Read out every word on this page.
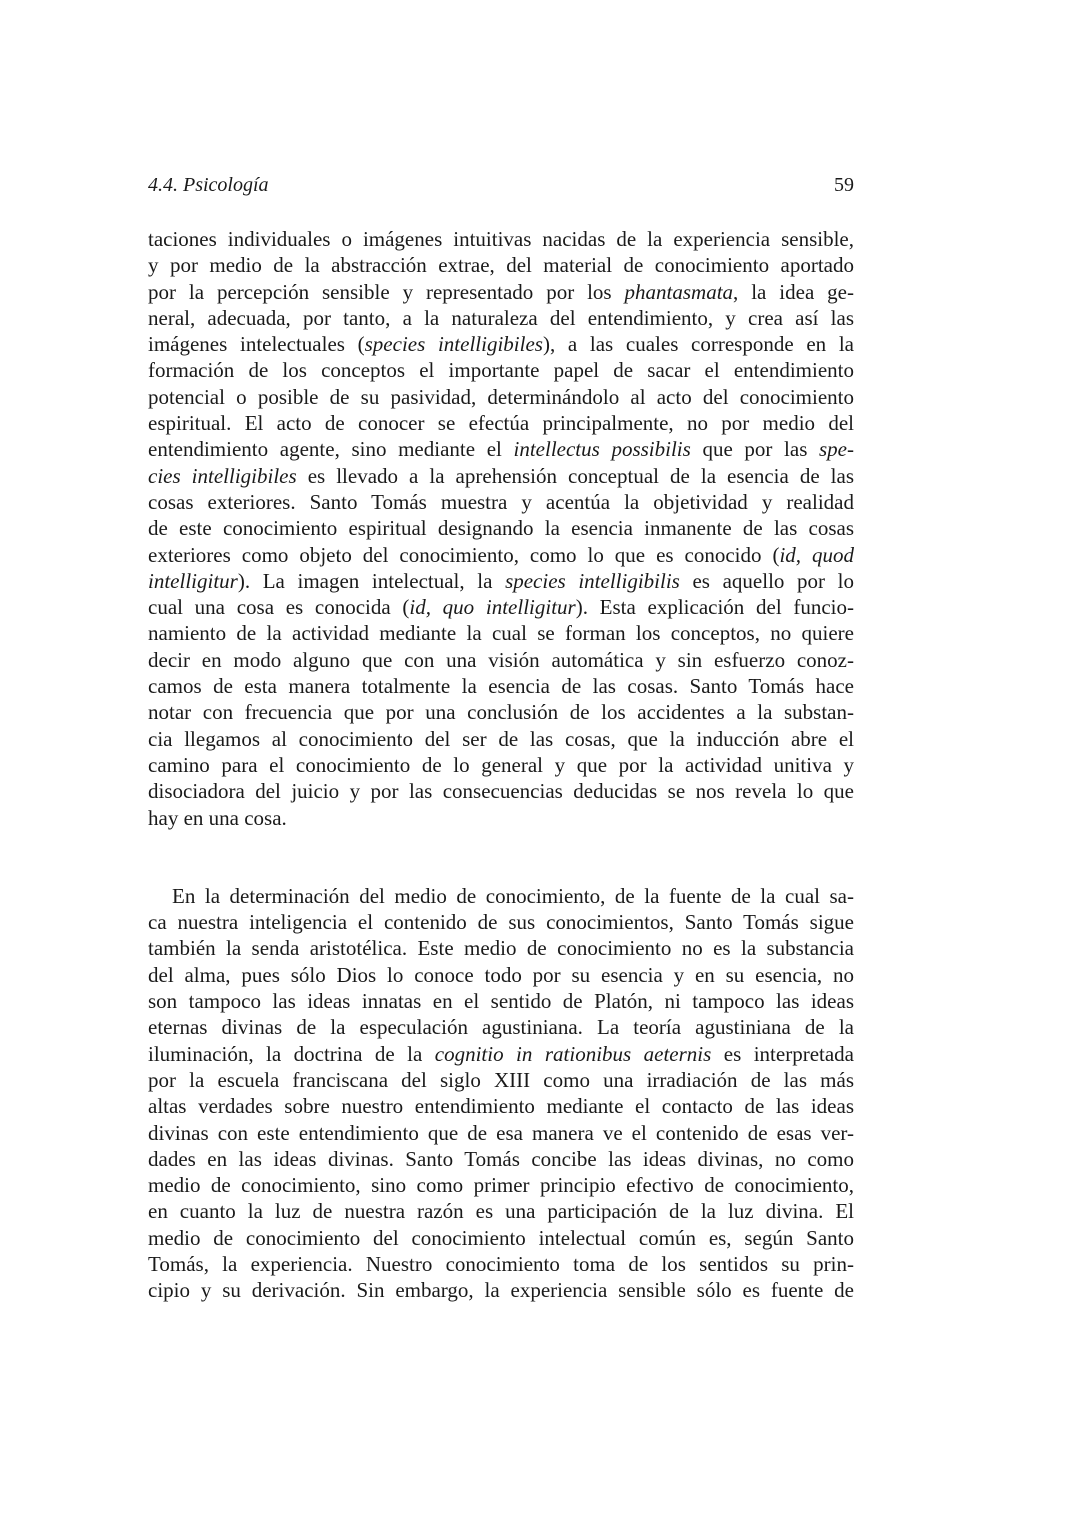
4.4. Psicología	59

taciones individuales o imágenes intuitivas nacidas de la experiencia sensible,
y por medio de la abstracción extrae, del material de conocimiento aportado
por la percepción sensible y representado por los phantasmata, la idea ge-
neral, adecuada, por tanto, a la naturaleza del entendimiento, y crea así las
imágenes intelectuales (species intelligibiles), a las cuales corresponde en la
formación de los conceptos el importante papel de sacar el entendimiento
potencial o posible de su pasividad, determinándolo al acto del conocimiento
espiritual. El acto de conocer se efectúa principalmente, no por medio del
entendimiento agente, sino mediante el intellectus possibilis que por las spe-
cies intelligibiles es llevado a la aprehensión conceptual de la esencia de las
cosas exteriores. Santo Tomás muestra y acentúa la objetividad y realidad
de este conocimiento espiritual designando la esencia inmanente de las cosas
exteriores como objeto del conocimiento, como lo que es conocido (id, quod
intelligitur). La imagen intelectual, la species intelligibilis es aquello por lo
cual una cosa es conocida (id, quo intelligitur). Esta explicación del funcio-
namiento de la actividad mediante la cual se forman los conceptos, no quiere
decir en modo alguno que con una visión automática y sin esfuerzo conoz-
camos de esta manera totalmente la esencia de las cosas. Santo Tomás hace
notar con frecuencia que por una conclusión de los accidentes a la substan-
cia llegamos al conocimiento del ser de las cosas, que la inducción abre el
camino para el conocimiento de lo general y que por la actividad unitiva y
disociadora del juicio y por las consecuencias deducidas se nos revela lo que
hay en una cosa.

En la determinación del medio de conocimiento, de la fuente de la cual sa-
ca nuestra inteligencia el contenido de sus conocimientos, Santo Tomás sigue
también la senda aristotélica. Este medio de conocimiento no es la substancia
del alma, pues sólo Dios lo conoce todo por su esencia y en su esencia, no
son tampoco las ideas innatas en el sentido de Platón, ni tampoco las ideas
eternas divinas de la especulación agustiniana. La teoría agustiniana de la
iluminación, la doctrina de la cognitio in rationibus aeternis es interpretada
por la escuela franciscana del siglo XIII como una irradiación de las más
altas verdades sobre nuestro entendimiento mediante el contacto de las ideas
divinas con este entendimiento que de esa manera ve el contenido de esas ver-
dades en las ideas divinas. Santo Tomás concibe las ideas divinas, no como
medio de conocimiento, sino como primer principio efectivo de conocimiento,
en cuanto la luz de nuestra razón es una participación de la luz divina. El
medio de conocimiento del conocimiento intelectual común es, según Santo
Tomás, la experiencia. Nuestro conocimiento toma de los sentidos su prin-
cipio y su derivación. Sin embargo, la experiencia sensible sólo es fuente de
